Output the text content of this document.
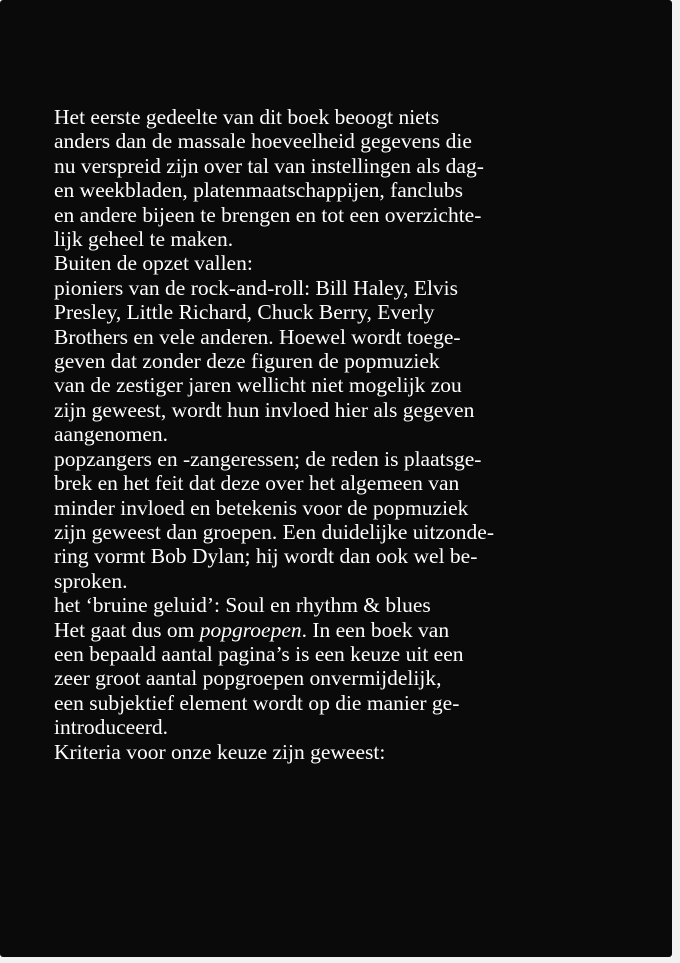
Het eerste gedeelte van dit boek beoogt niets
anders dan de massale hoeveelheid gegevens die
nu verspreid zijn over tal van instellingen als dag-
en weekbladen, platenmaatschappijen, fanclubs
en andere bijeen te brengen en tot een overzichte-
lijk geheel te maken.
Buiten de opzet vallen:
pioniers van de rock-and-roll: Bill Haley, Elvis
Presley, Little Richard, Chuck Berry, Everly
Brothers en vele anderen. Hoewel wordt toege-
geven dat zonder deze figuren de popmuziek
van de zestiger jaren wellicht niet mogelijk zou
zijn geweest, wordt hun invloed hier als gegeven
aangenomen.
popzangers en -zangeressen; de reden is plaatsge-
brek en het feit dat deze over het algemeen van
minder invloed en betekenis voor de popmuziek
zijn geweest dan groepen. Een duidelijke uitzonde-
ring vormt Bob Dylan; hij wordt dan ook wel be-
sproken.
het ‘bruine geluid’: Soul en rhythm & blues
Het gaat dus om popgroepen. In een boek van
een bepaald aantal pagina’s is een keuze uit een
zeer groot aantal popgroepen onvermijdelijk,
een subjektief element wordt op die manier ge-
introduceerd.
Kriteria voor onze keuze zijn geweest:
